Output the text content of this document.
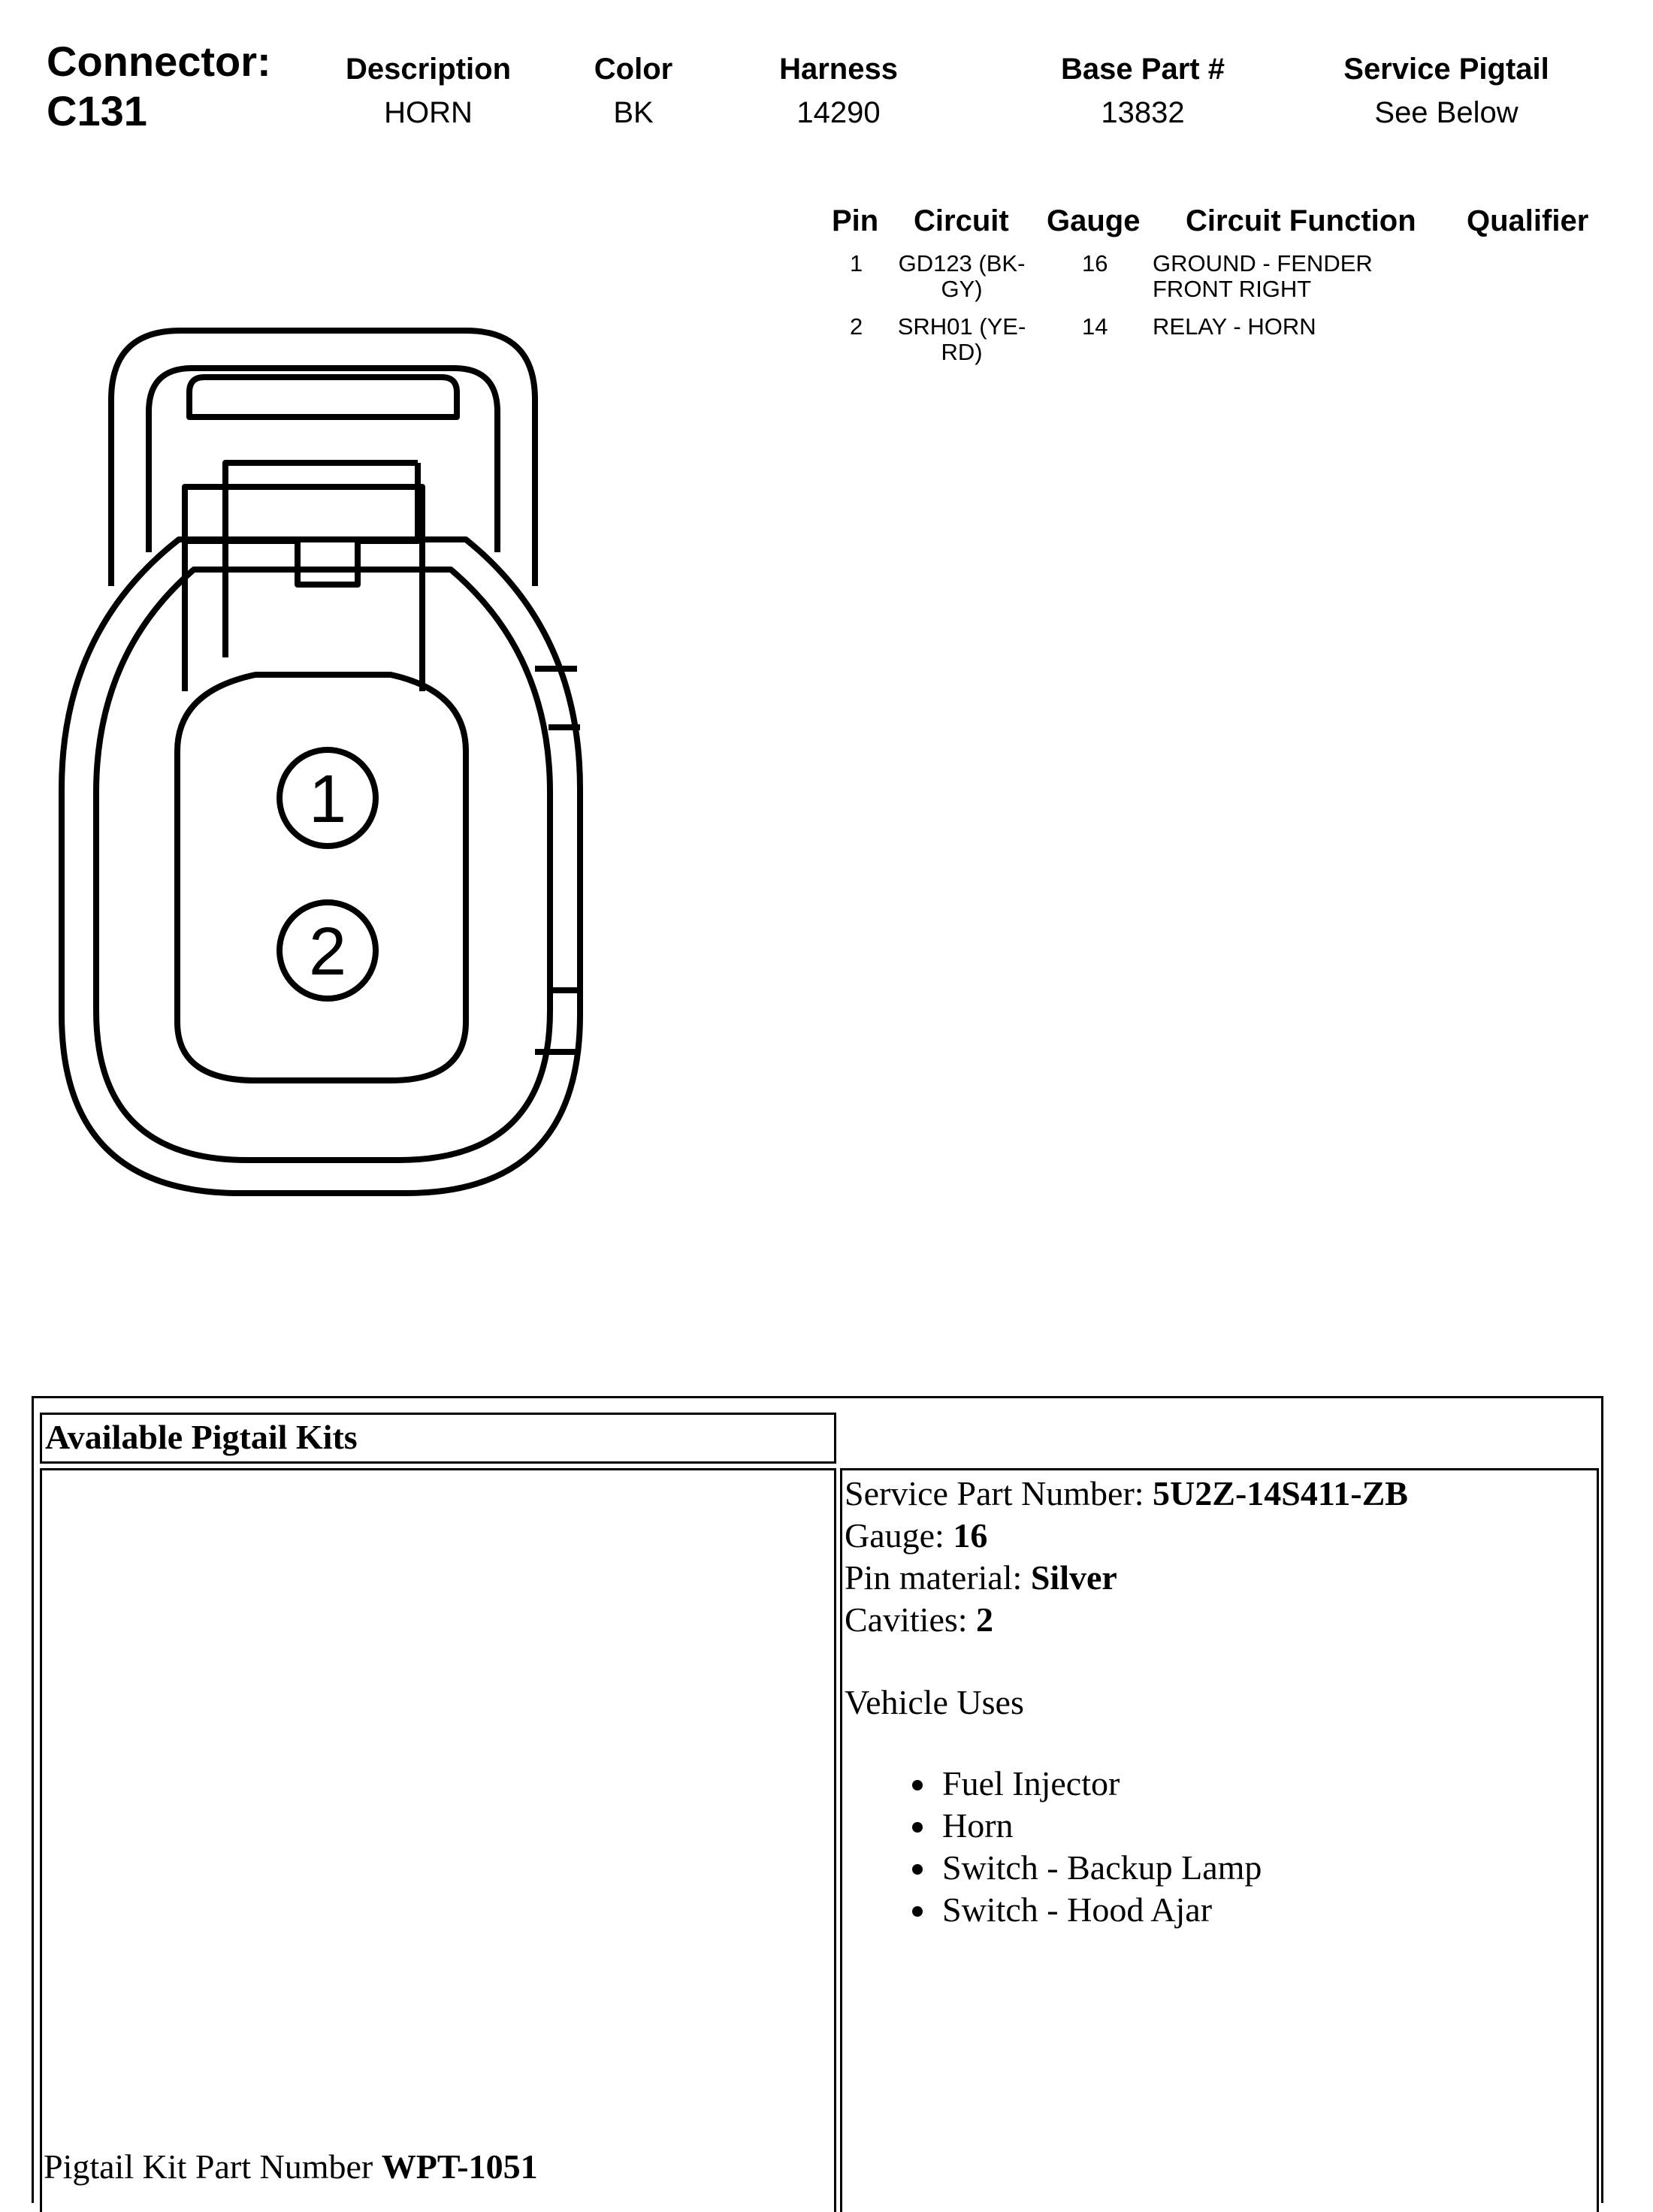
Connector:
C131
Description
HORN
Color
BK
Harness
14290
Base Part #
13832
Service Pigtail
See Below
Pin Circuit Gauge Circuit Function Qualifier
1	GD123 (BK-
GY)
16 GROUND - FENDER
FRONT RIGHT
2	SRH01 (YE-
RD)
14 RELAY - HORN
1
2
Available Pigtail Kits
Service Part Number: 5U2Z-14S411-ZB
Gauge: 16
Pin material: Silver
Cavities: 2
Vehicle Uses
• Fuel Injector
• Horn
• Switch - Backup Lamp
• Switch - Hood Ajar
Pigtail Kit Part Number WPT-1051
